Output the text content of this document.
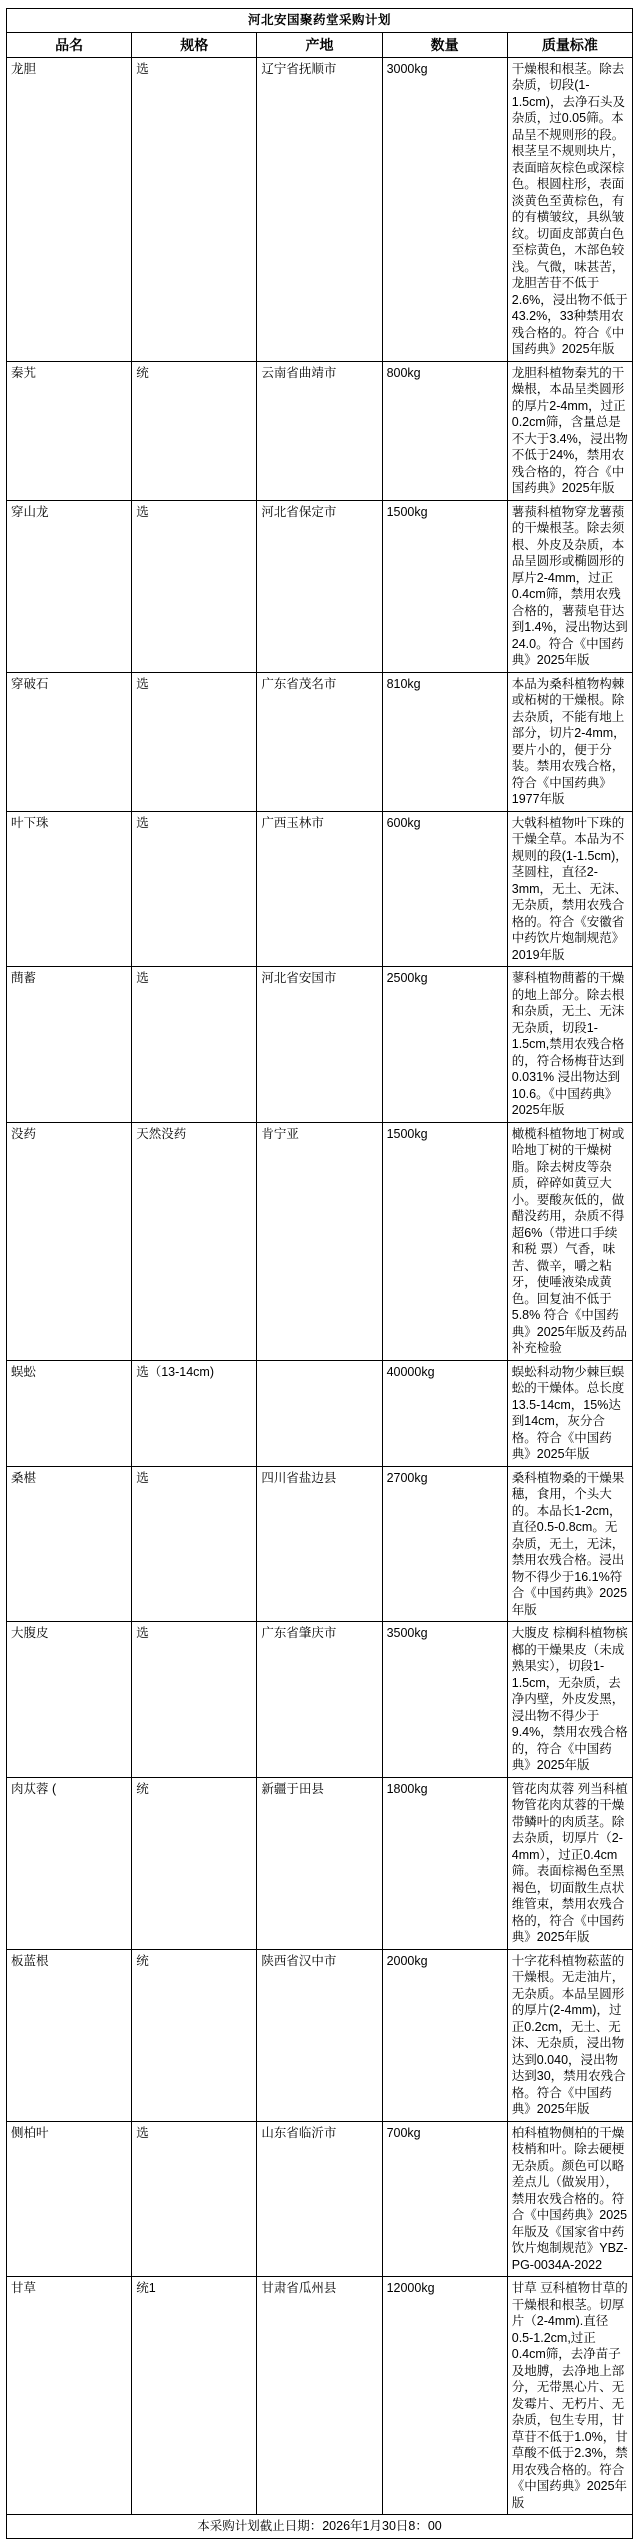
河北安国聚药堂采购计划				
品名	规格	产地	数量	质量标准
龙胆	选	辽宁省抚顺市	3000kg	干燥根和根茎。除去杂质，切段(1-1.5cm)，去净石头及杂质，过0.05筛。本品呈不规则形的段。根茎呈不规则块片，表面暗灰棕色或深棕色。根圆柱形，表面淡黄色至黄棕色，有的有横皱纹，具纵皱纹。切面皮部黄白色至棕黄色，木部色较浅。气微，味甚苦，龙胆苦苷不低于2.6%，浸出物不低于43.2%，33种禁用农残合格的。符合《中国药典》2025年版
秦艽	统	云南省曲靖市	800kg	龙胆科植物秦艽的干燥根，本品呈类圆形的厚片2-4mm，过正0.2cm筛，含量总是不大于3.4%，浸出物不低于24%，禁用农残合格的，符合《中国药典》2025年版
穿山龙	选	河北省保定市	1500kg	薯蓣科植物穿龙薯蓣的干燥根茎。除去须根、外皮及杂质，本品呈圆形或椭圆形的厚片2-4mm，过正0.4cm筛，禁用农残合格的，薯蓣皂苷达到1.4%，浸出物达到24.0。符合《中国药典》2025年版
穿破石	选	广东省茂名市	810kg	本品为桑科植物构棘或柘树的干燥根。除去杂质，不能有地上部分，切片2-4mm，要片小的，便于分装。禁用农残合格，符合《中国药典》1977年版
叶下珠	选	广西玉林市	600kg	大戟科植物叶下珠的干燥全草。本品为不规则的段(1-1.5cm)，茎圆柱，直径2-3mm，无土、无沫、无杂质，禁用农残合格的。符合《安徽省中药饮片炮制规范》2019年版
蔄蓄	选	河北省安国市	2500kg	蓼科植物蔄蓄的干燥的地上部分。除去根和杂质，无土、无沫无杂质，切段1-1.5cm,禁用农残合格的，符合杨梅苷达到0.031% 浸出物达到10.6。《中国药典》2025年版
没药	天然没药	肯宁亚	1500kg	橄榄科植物地丁树或哈地丁树的干燥树脂。除去树皮等杂质，碎碎如黄豆大小。要酸灰低的，做醋没药用，杂质不得超6%（带进口手续和税 票）气香，味苦、微辛，嚼之粘牙，使唾液染成黄色。回复油不低于5.8% 符合《中国药典》2025年版及药品补充检验
蜈蚣	选（13-14cm)		40000kg	蜈蚣科动物少棘巨蜈蚣的干燥体。总长度13.5-14cm，15%达到14cm，灰分合格。符合《中国药典》2025年版
桑椹	选	四川省盐边县	2700kg	桑科植物桑的干燥果穗，食用，个头大的。本品长1-2cm，直径0.5-0.8cm。无杂质，无土，无沫，禁用农残合格。浸出物不得少于16.1%符合《中国药典》2025年版
大腹皮	选	广东省肇庆市	3500kg	大腹皮 棕榈科植物槟榔的干燥果皮（未成熟果实），切段1-1.5cm，无杂质，去净内壁，外皮发黑，浸出物不得少于9.4%，禁用农残合格的，符合《中国药典》2025年版
肉苁蓉 (	统	新疆于田县	1800kg	管花肉苁蓉 列当科植物管花肉苁蓉的干燥带鳞叶的肉质茎。除去杂质，切厚片（2-4mm），过正0.4cm筛。表面棕褐色至黑褐色，切面散生点状维管束，禁用农残合格的，符合《中国药典》2025年版
板蓝根	统	陕西省汉中市	2000kg	十字花科植物菘蓝的干燥根。无走油片，无杂质。本品呈圆形的厚片(2-4mm)，过正0.2cm，无土、无沫、无杂质，浸出物达到0.040，浸出物达到30，禁用农残合格。符合《中国药典》2025年版
侧柏叶	选	山东省临沂市	700kg	柏科植物侧柏的干燥枝梢和叶。除去硬梗无杂质。颜色可以略差点儿（做炭用），禁用农残合格的。符合《中国药典》2025年版及《国家省中药饮片炮制规范》YBZ-PG-0034A-2022
甘草	统1	甘肃省瓜州县	12000kg	甘草 豆科植物甘草的干燥根和根茎。切厚片（2-4mm).直径0.5-1.2cm,过正0.4cm筛，去净苗子及地膊，去净地上部分，无带黑心片、无发霉片、无朽片、无杂质，包生专用，甘草苷不低于1.0%，甘草酸不低于2.3%，禁用农残合格的。符合《中国药典》2025年版
本采购计划截止日期：2026年1月30日8：00				
